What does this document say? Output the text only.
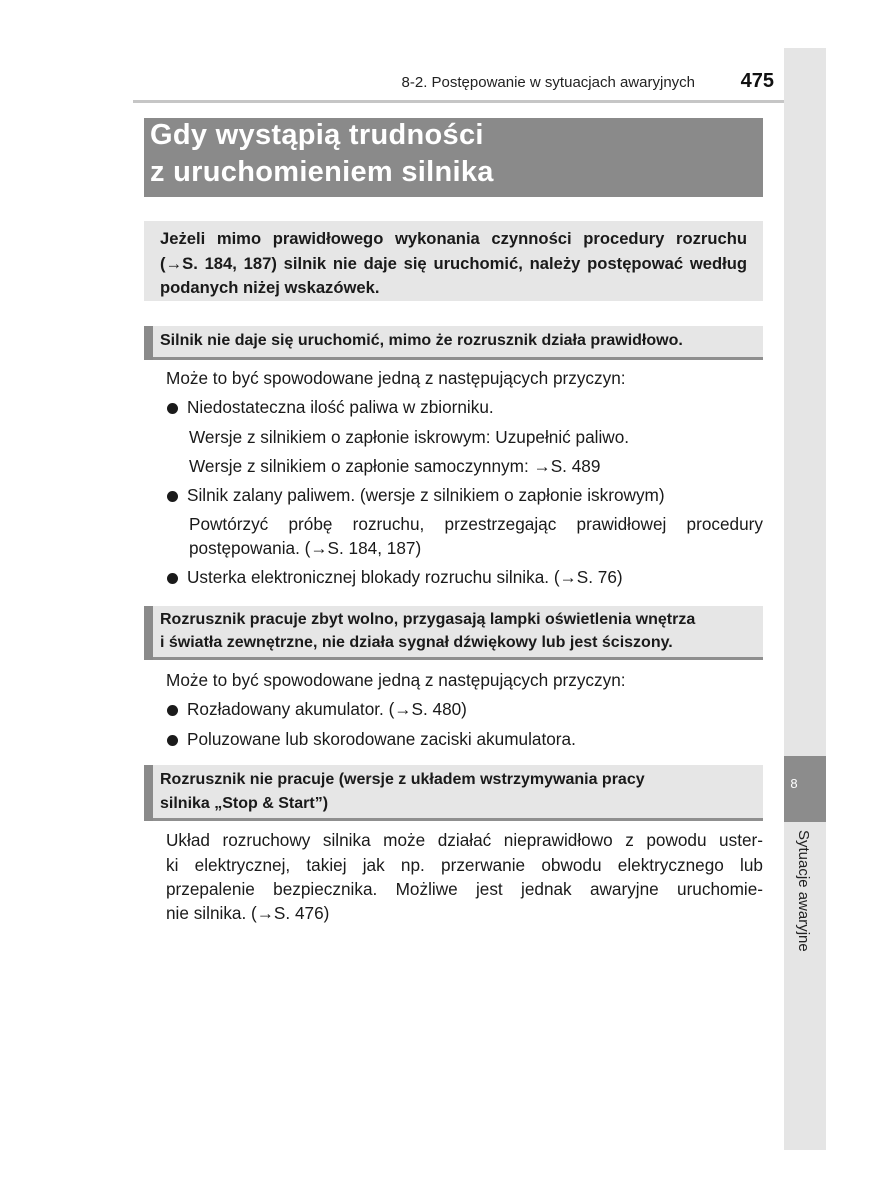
8-2. Postępowanie w sytuacjach awaryjnych	475
8
Sytuacje awaryjne
Gdy wystąpią trudności
z uruchomieniem silnika
Jeżeli mimo prawidłowego wykonania czynności procedury rozruchu (→S. 184, 187) silnik nie daje się uruchomić, należy postępować według podanych niżej wskazówek.
Silnik nie daje się uruchomić, mimo że rozrusznik działa prawidłowo.
Może to być spowodowane jedną z następujących przyczyn:
Niedostateczna ilość paliwa w zbiorniku.
Wersje z silnikiem o zapłonie iskrowym: Uzupełnić paliwo.
Wersje z silnikiem o zapłonie samoczynnym: →S. 489
Silnik zalany paliwem. (wersje z silnikiem o zapłonie iskrowym)
Powtórzyć próbę rozruchu, przestrzegając prawidłowej procedury
postępowania. (→S. 184, 187)
Usterka elektronicznej blokady rozruchu silnika. (→S. 76)
Rozrusznik pracuje zbyt wolno, przygasają lampki oświetlenia wnętrza
i światła zewnętrzne, nie działa sygnał dźwiękowy lub jest ściszony.
Może to być spowodowane jedną z następujących przyczyn:
Rozładowany akumulator. (→S. 480)
Poluzowane lub skorodowane zaciski akumulatora.
Rozrusznik nie pracuje (wersje z układem wstrzymywania pracy
silnika „Stop & Start”)
Układ rozruchowy silnika może działać nieprawidłowo z powodu uster-
ki elektrycznej, takiej jak np. przerwanie obwodu elektrycznego lub
przepalenie bezpiecznika. Możliwe jest jednak awaryjne uruchomie-
nie silnika. (→S. 476)
